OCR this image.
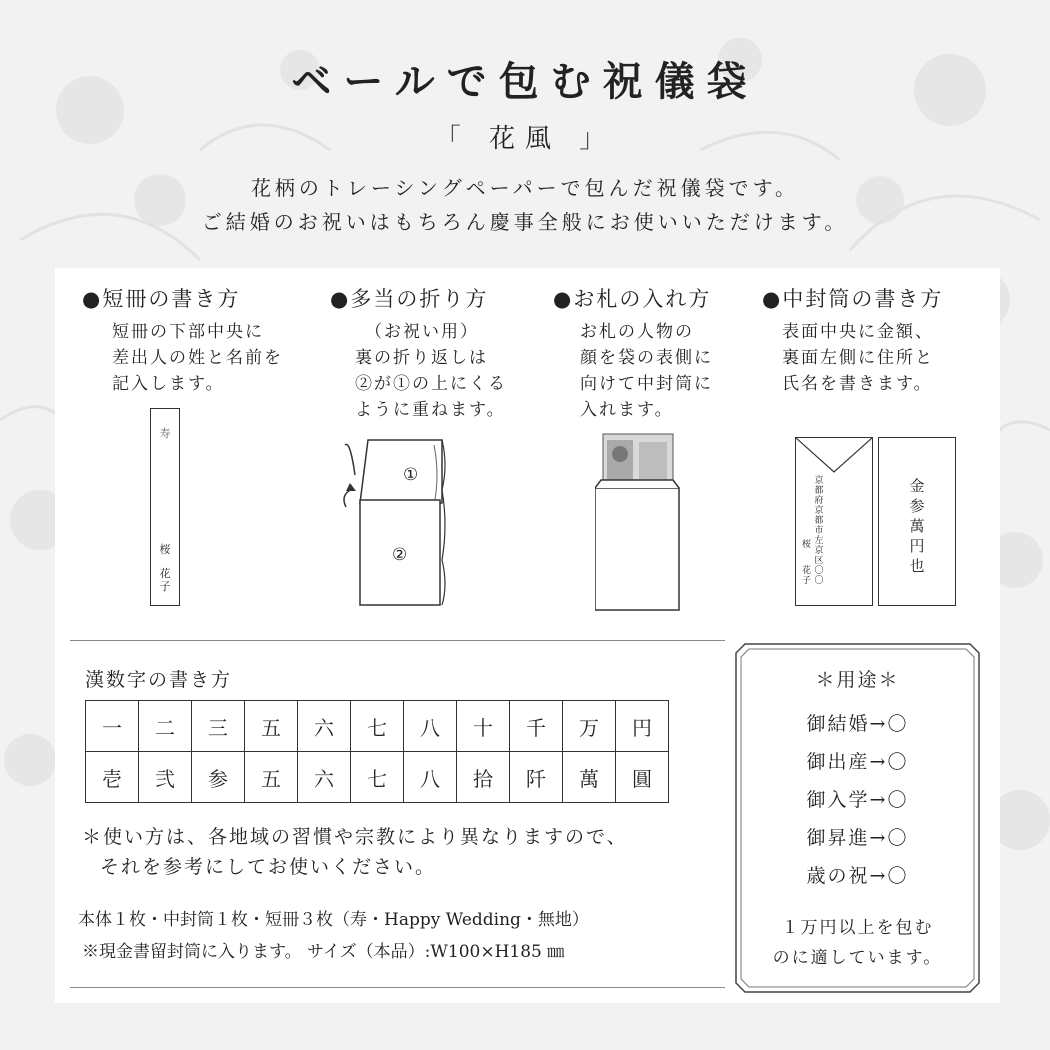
ベールで包む祝儀袋
「 花風 」
花柄のトレーシングペーパーで包んだ祝儀袋です。
ご結婚のお祝いはもちろん慶事全般にお使いいただけます。
●短冊の書き方
短冊の下部中央に
差出人の姓と名前を
記入します。
●多当の折り方
（お祝い用）
裏の折り返しは
②が①の上にくる
ように重ねます。
●お札の入れ方
お札の人物の
顔を袋の表側に
向けて中封筒に
入れます。
●中封筒の書き方
表面中央に金額、
裏面左側に住所と
氏名を書きます。
寿
桜
花子
①
②
京都府京都市左京区〇〇
桜
花子
金参萬円也
漢数字の書き方
一	二	三	五	六	七	八	十	千	万	円
壱	弐	参	五	六	七	八	拾	阡	萬	圓
＊使い方は、各地域の習慣や宗教により異なりますので、
それを参考にしてお使いください。
本体１枚・中封筒１枚・短冊３枚（寿・Happy Wedding・無地）
※現金書留封筒に入ります。 サイズ（本品）:W100×H185 ㎜
＊用途＊
御結婚→〇
御出産→〇
御入学→〇
御昇進→〇
歳の祝→〇
１万円以上を包む
のに適しています。
